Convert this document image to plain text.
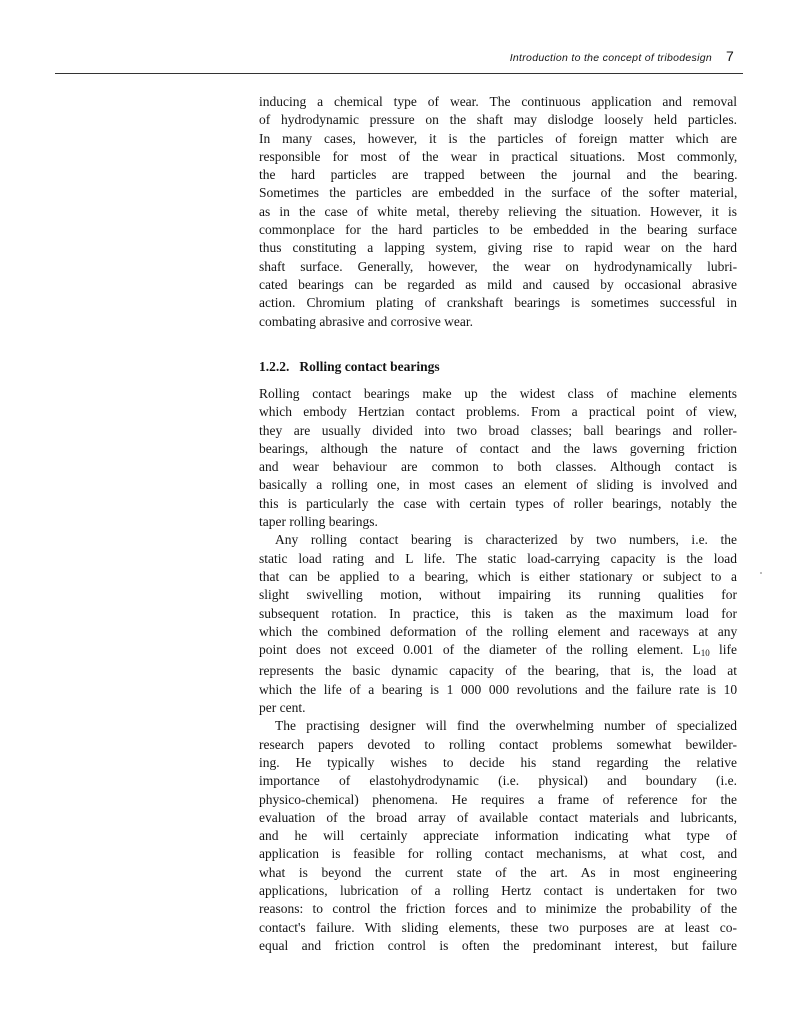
Introduction to the concept of tribodesign 7
inducing a chemical type of wear. The continuous application and removal
of hydrodynamic pressure on the shaft may dislodge loosely held particles.
In many cases, however, it is the particles of foreign matter which are
responsible for most of the wear in practical situations. Most commonly,
the hard particles are trapped between the journal and the bearing.
Sometimes the particles are embedded in the surface of the softer material,
as in the case of white metal, thereby relieving the situation. However, it is
commonplace for the hard particles to be embedded in the bearing surface
thus constituting a lapping system, giving rise to rapid wear on the hard
shaft surface. Generally, however, the wear on hydrodynamically lubri-
cated bearings can be regarded as mild and caused by occasional abrasive
action. Chromium plating of crankshaft bearings is sometimes successful in
combating abrasive and corrosive wear.
1.2.2. Rolling contact bearings
Rolling contact bearings make up the widest class of machine elements
which embody Hertzian contact problems. From a practical point of view,
they are usually divided into two broad classes; ball bearings and roller-
bearings, although the nature of contact and the laws governing friction
and wear behaviour are common to both classes. Although contact is
basically a rolling one, in most cases an element of sliding is involved and
this is particularly the case with certain types of roller bearings, notably the
taper rolling bearings.
Any rolling contact bearing is characterized by two numbers, i.e. the
static load rating and L life. The static load-carrying capacity is the load
that can be applied to a bearing, which is either stationary or subject to a
slight swivelling motion, without impairing its running qualities for
subsequent rotation. In practice, this is taken as the maximum load for
which the combined deformation of the rolling element and raceways at any
point does not exceed 0.001 of the diameter of the rolling element. $L_{10}$ life
represents the basic dynamic capacity of the bearing, that is, the load at
which the life of a bearing is 1 000 000 revolutions and the failure rate is 10
per cent.
The practising designer will find the overwhelming number of specialized
research papers devoted to rolling contact problems somewhat bewilder-
ing. He typically wishes to decide his stand regarding the relative
importance of elastohydrodynamic (i.e. physical) and boundary (i.e.
physico-chemical) phenomena. He requires a frame of reference for the
evaluation of the broad array of available contact materials and lubricants,
and he will certainly appreciate information indicating what type of
application is feasible for rolling contact mechanisms, at what cost, and
what is beyond the current state of the art. As in most engineering
applications, lubrication of a rolling Hertz contact is undertaken for two
reasons: to control the friction forces and to minimize the probability of the
contact's failure. With sliding elements, these two purposes are at least co-
equal and friction control is often the predominant interest, but failure
